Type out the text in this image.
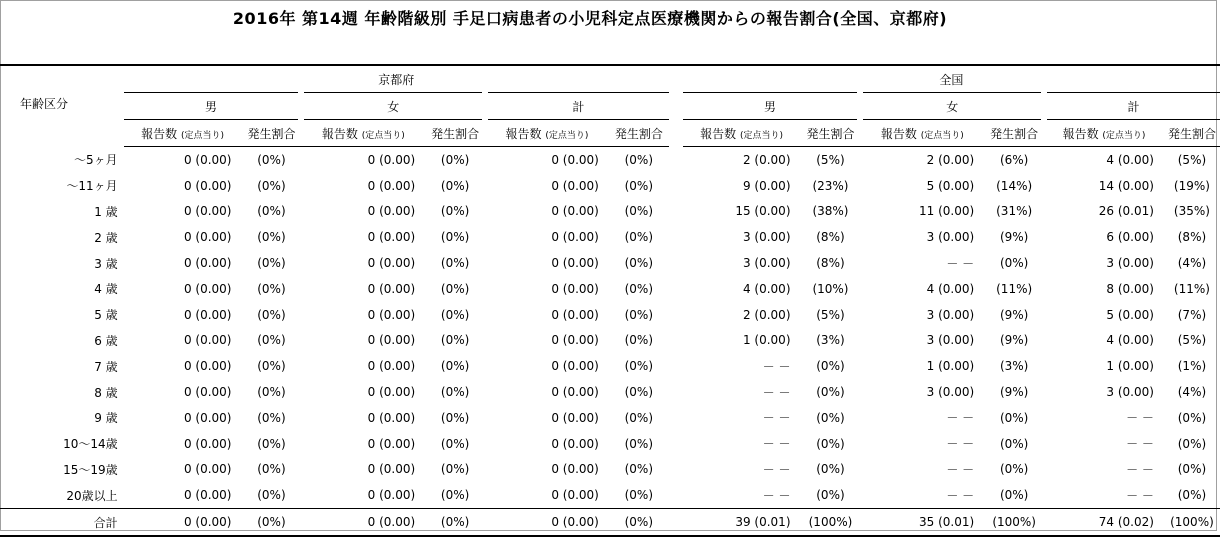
2016年 第14週 年齢階級別 手足口病患者の小児科定点医療機関からの報告割合(全国、京都府)
	京都府							全国					
年齢区分	男		女		計			男		女		計	
	報告数 (定点当り)	発生割合	報告数 (定点当り)	発生割合	報告数 (定点当り)	発生割合		報告数 (定点当り)	発生割合	報告数 (定点当り)	発生割合	報告数 (定点当り)	発生割合
～5ヶ月	0 (0.00)	(0%)	0 (0.00)	(0%)	0 (0.00)	(0%)		2 (0.00)	(5%)	2 (0.00)	(6%)	4 (0.00)	(5%)
～11ヶ月	0 (0.00)	(0%)	0 (0.00)	(0%)	0 (0.00)	(0%)		9 (0.00)	(23%)	5 (0.00)	(14%)	14 (0.00)	(19%)
1 歳	0 (0.00)	(0%)	0 (0.00)	(0%)	0 (0.00)	(0%)		15 (0.00)	(38%)	11 (0.00)	(31%)	26 (0.01)	(35%)
2 歳	0 (0.00)	(0%)	0 (0.00)	(0%)	0 (0.00)	(0%)		3 (0.00)	(8%)	3 (0.00)	(9%)	6 (0.00)	(8%)
3 歳	0 (0.00)	(0%)	0 (0.00)	(0%)	0 (0.00)	(0%)		3 (0.00)	(8%)	－ －	(0%)	3 (0.00)	(4%)
4 歳	0 (0.00)	(0%)	0 (0.00)	(0%)	0 (0.00)	(0%)		4 (0.00)	(10%)	4 (0.00)	(11%)	8 (0.00)	(11%)
5 歳	0 (0.00)	(0%)	0 (0.00)	(0%)	0 (0.00)	(0%)		2 (0.00)	(5%)	3 (0.00)	(9%)	5 (0.00)	(7%)
6 歳	0 (0.00)	(0%)	0 (0.00)	(0%)	0 (0.00)	(0%)		1 (0.00)	(3%)	3 (0.00)	(9%)	4 (0.00)	(5%)
7 歳	0 (0.00)	(0%)	0 (0.00)	(0%)	0 (0.00)	(0%)		－ －	(0%)	1 (0.00)	(3%)	1 (0.00)	(1%)
8 歳	0 (0.00)	(0%)	0 (0.00)	(0%)	0 (0.00)	(0%)		－ －	(0%)	3 (0.00)	(9%)	3 (0.00)	(4%)
9 歳	0 (0.00)	(0%)	0 (0.00)	(0%)	0 (0.00)	(0%)		－ －	(0%)	－ －	(0%)	－ －	(0%)
10～14歳	0 (0.00)	(0%)	0 (0.00)	(0%)	0 (0.00)	(0%)		－ －	(0%)	－ －	(0%)	－ －	(0%)
15～19歳	0 (0.00)	(0%)	0 (0.00)	(0%)	0 (0.00)	(0%)		－ －	(0%)	－ －	(0%)	－ －	(0%)
20歳以上	0 (0.00)	(0%)	0 (0.00)	(0%)	0 (0.00)	(0%)		－ －	(0%)	－ －	(0%)	－ －	(0%)
合計	0 (0.00)	(0%)	0 (0.00)	(0%)	0 (0.00)	(0%)		39 (0.01)	(100%)	35 (0.01)	(100%)	74 (0.02)	(100%)
